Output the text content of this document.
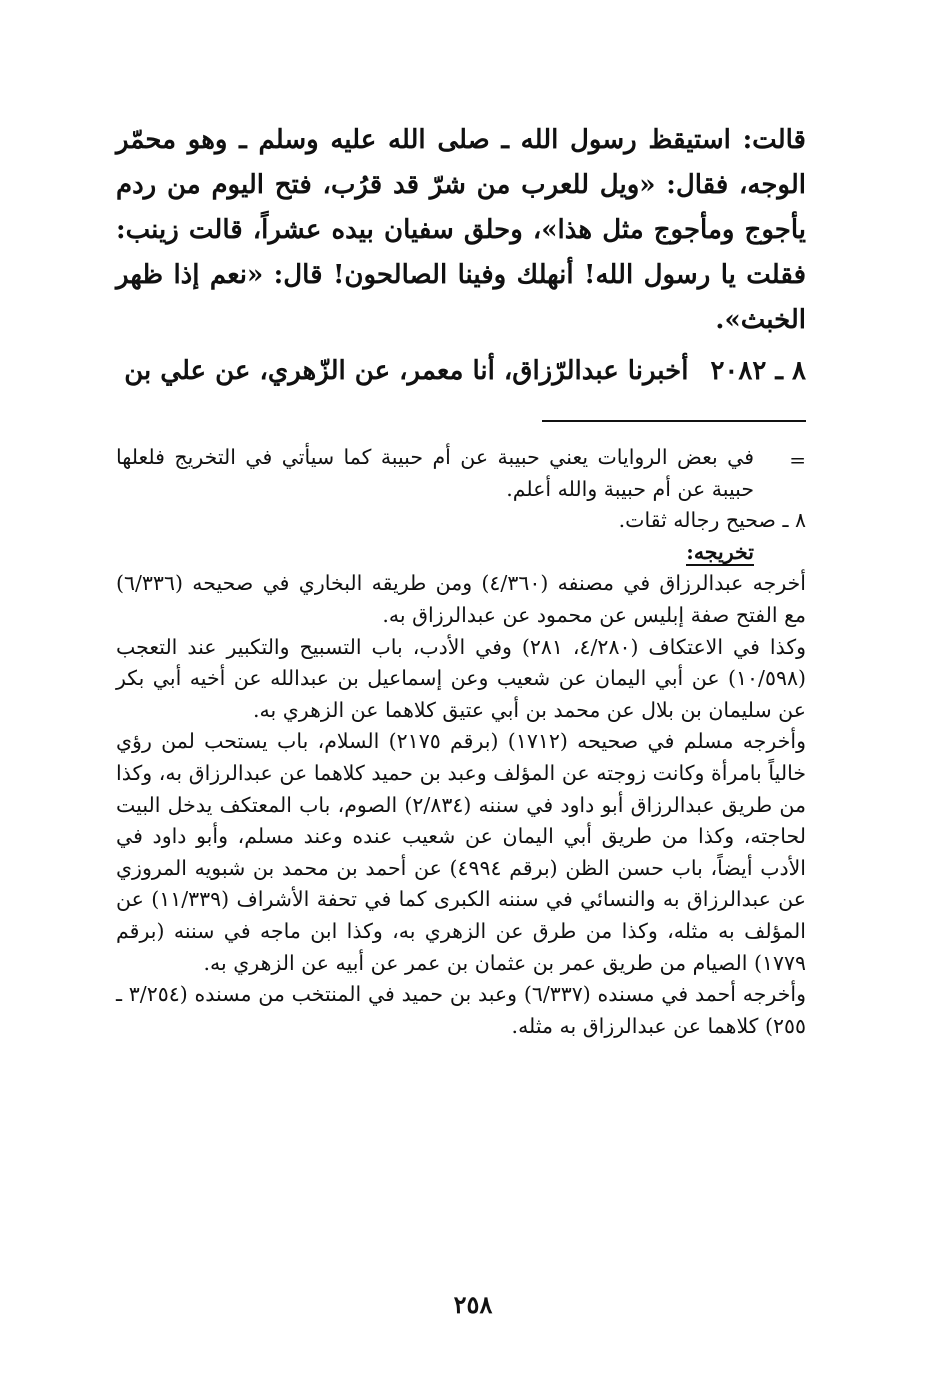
قالت: استيقظ رسول الله ـ صلى الله عليه وسلم ـ وهو محمّر الوجه، فقال: «ويل للعرب من شرّ قد قرُب، فتح اليوم من ردم يأجوج ومأجوج مثل هذا»، وحلق سفيان بيده عشراً، قالت زينب: فقلت يا رسول الله! أنهلك وفينا الصالحون! قال: «نعم إذا ظهر الخبث».

٨ ـ ٢٠٨٢أخبرنا عبدالرّزاق، أنا معمر، عن الزّهري، عن علي بن

=

في بعض الروايات يعني حبيبة عن أم حبيبة كما سيأتي في التخريج فلعلها حبيبة عن أم حبيبة والله أعلم.

٨ ـ صحيح رجاله ثقات.

تخريجه:

أخرجه عبدالرزاق في مصنفه (٤/٣٦٠) ومن طريقه البخاري في صحيحه (٦/٣٣٦) مع الفتح صفة إبليس عن محمود عن عبدالرزاق به.

وكذا في الاعتكاف (٤/٢٨٠، ٢٨١) وفي الأدب، باب التسبيح والتكبير عند التعجب (١٠/٥٩٨) عن أبي اليمان عن شعيب وعن إسماعيل بن عبدالله عن أخيه أبي بكر عن سليمان بن بلال عن محمد بن أبي عتيق كلاهما عن الزهري به.

وأخرجه مسلم في صحيحه (١٧١٢) (برقم ٢١٧٥) السلام، باب يستحب لمن رؤي خالياً بامرأة وكانت زوجته عن المؤلف وعبد بن حميد كلاهما عن عبدالرزاق به، وكذا من طريق عبدالرزاق أبو داود في سننه (٢/٨٣٤) الصوم، باب المعتكف يدخل البيت لحاجته، وكذا من طريق أبي اليمان عن شعيب عنده وعند مسلم، وأبو داود في الأدب أيضاً، باب حسن الظن (برقم ٤٩٩٤) عن أحمد بن محمد بن شبويه المروزي عن عبدالرزاق به والنسائي في سننه الكبرى كما في تحفة الأشراف (١١/٣٣٩) عن المؤلف به مثله، وكذا من طرق عن الزهري به، وكذا ابن ماجه في سننه (برقم ١٧٧٩) الصيام من طريق عمر بن عثمان بن عمر عن أبيه عن الزهري به.

وأخرجه أحمد في مسنده (٦/٣٣٧) وعبد بن حميد في المنتخب من مسنده (٣/٢٥٤ ـ ٢٥٥) كلاهما عن عبدالرزاق به مثله.

٢٥٨
